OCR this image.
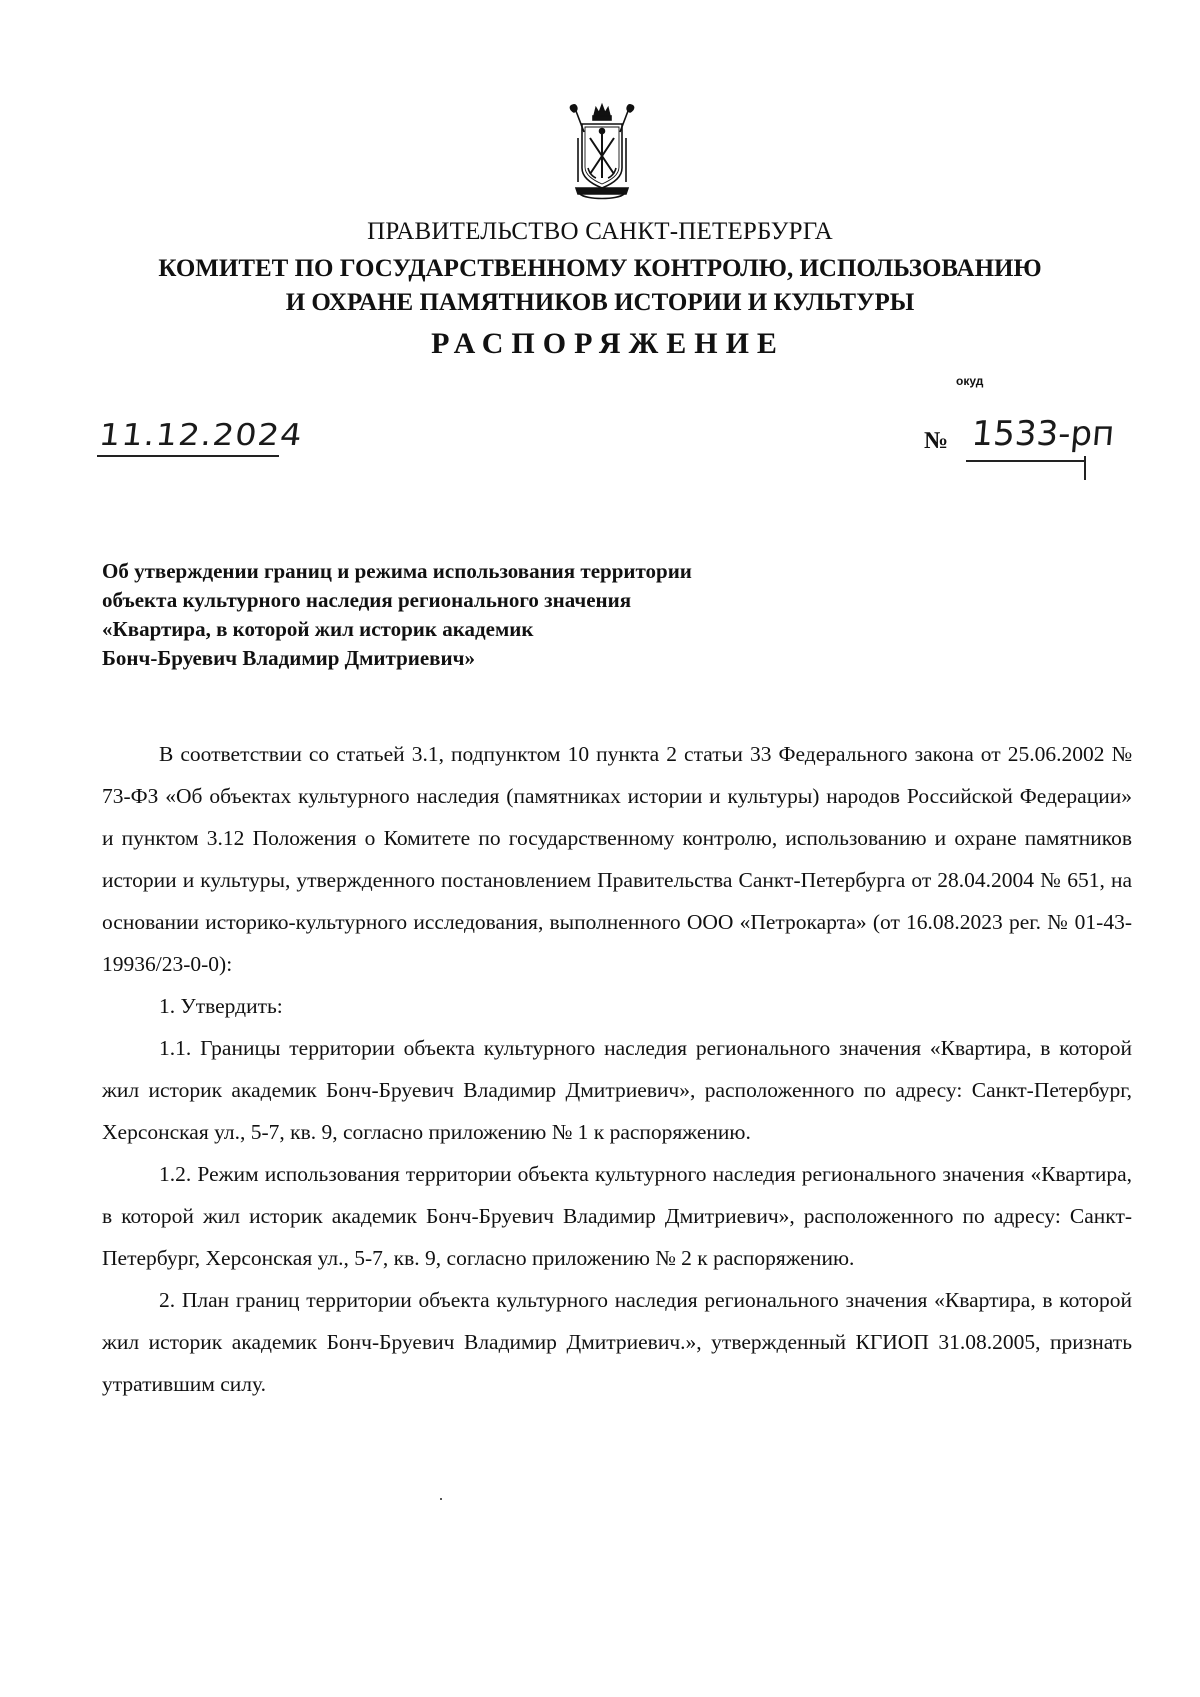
ПРАВИТЕЛЬСТВО САНКТ-ПЕТЕРБУРГА
КОМИТЕТ ПО ГОСУДАРСТВЕННОМУ КОНТРОЛЮ, ИСПОЛЬЗОВАНИЮ
И ОХРАНЕ ПАМЯТНИКОВ ИСТОРИИ И КУЛЬТУРЫ
РАСПОРЯЖЕНИЕ
окуд
11.12.2024	№ 1533-рп
Об утверждении границ и режима использования территории
объекта культурного наследия регионального значения
«Квартира, в которой жил историк академик
Бонч-Бруевич Владимир Дмитриевич»

В соответствии со статьей 3.1, подпунктом 10 пункта 2 статьи 33 Федерального закона от 25.06.2002 № 73-ФЗ «Об объектах культурного наследия (памятниках истории и культуры) народов Российской Федерации» и пунктом 3.12 Положения о Комитете по государственному контролю, использованию и охране памятников истории и культуры, утвержденного постановлением Правительства Санкт-Петербурга от 28.04.2004 № 651, на основании историко-культурного исследования, выполненного ООО «Петрокарта» (от 16.08.2023 рег. № 01-43-19936/23-0-0):

1. Утвердить:

1.1. Границы территории объекта культурного наследия регионального значения «Квартира, в которой жил историк академик Бонч-Бруевич Владимир Дмитриевич», расположенного по адресу: Санкт-Петербург, Херсонская ул., 5-7, кв. 9, согласно приложению № 1 к распоряжению.

1.2. Режим использования территории объекта культурного наследия регионального значения «Квартира, в которой жил историк академик Бонч-Бруевич Владимир Дмитриевич», расположенного по адресу: Санкт-Петербург, Херсонская ул., 5-7, кв. 9, согласно приложению № 2 к распоряжению.

2. План границ территории объекта культурного наследия регионального значения «Квартира, в которой жил историк академик Бонч-Бруевич Владимир Дмитриевич.», утвержденный КГИОП 31.08.2005, признать утратившим силу.
